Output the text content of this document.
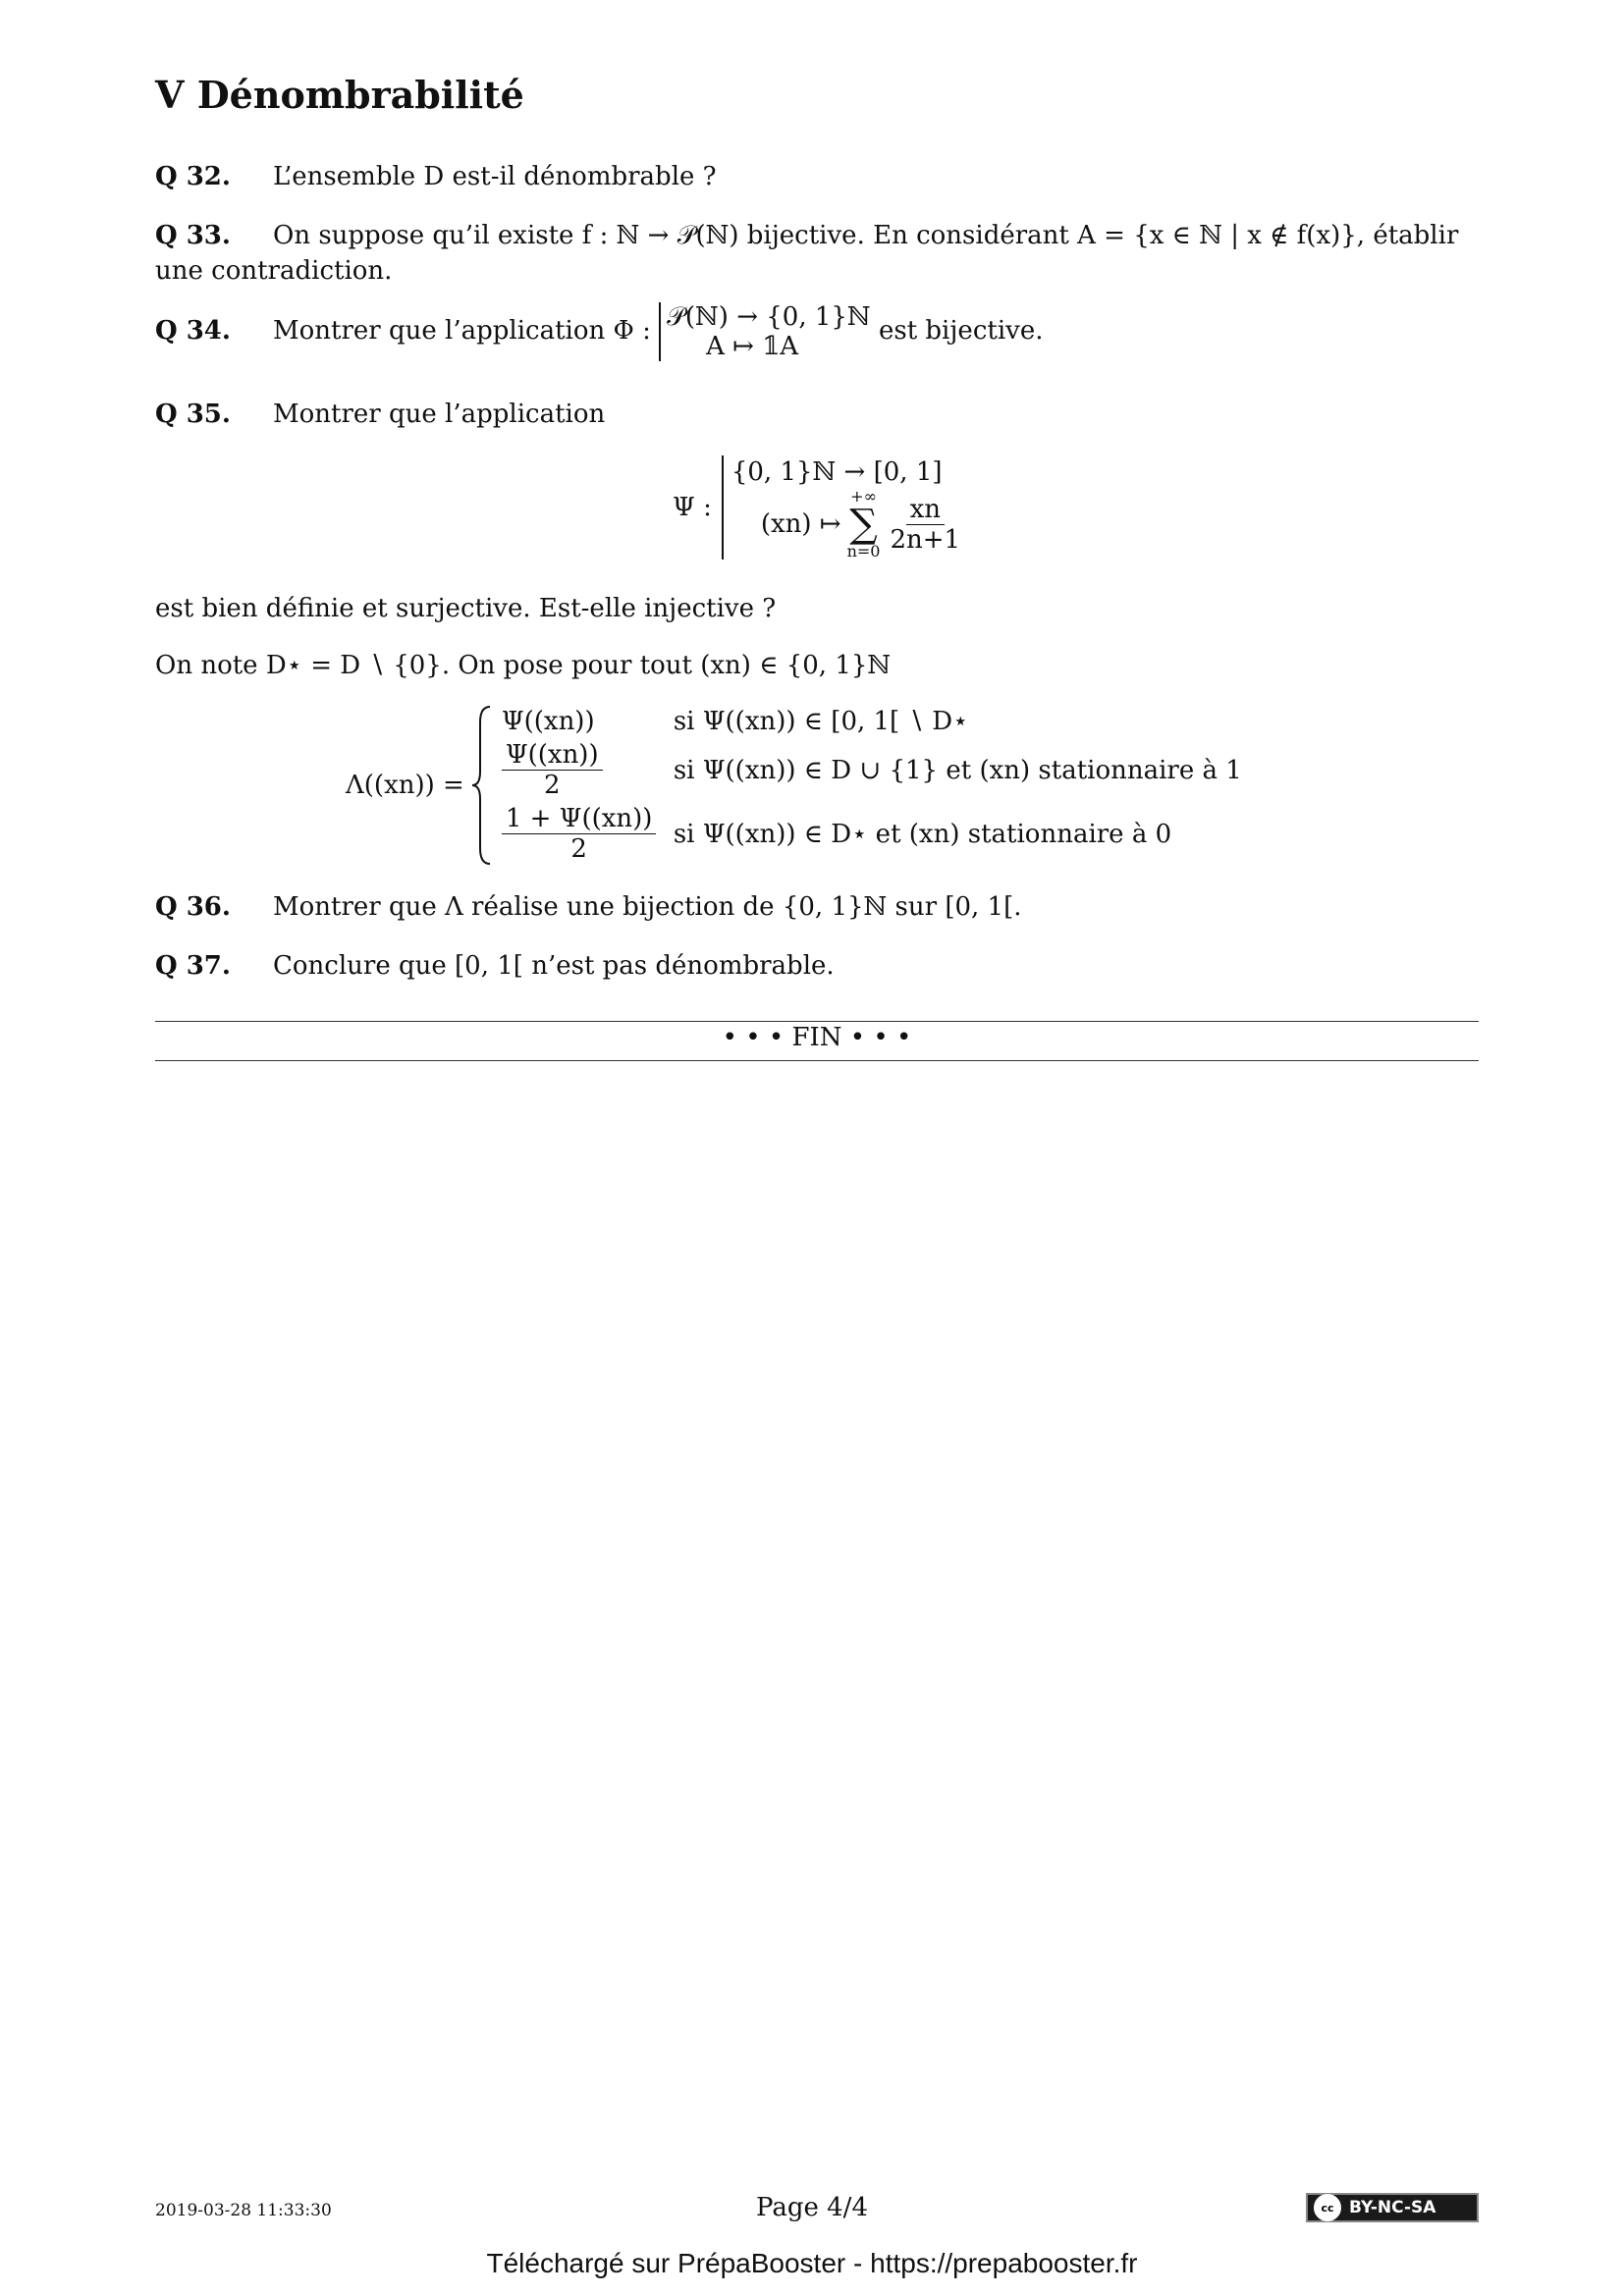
V Dénombrabilité
Q 32. L’ensemble D est-il dénombrable ?
Q 33. On suppose qu’il existe f : ℕ → 𝒫(ℕ) bijective. En considérant A = {x ∈ ℕ | x ∉ f(x)}, établir une contradiction.
Q 34. Montrer que l’application Φ : 𝒫(ℕ) → {0, 1}ℕ
A ↦ 𝟙A
est bijective.
Q 35. Montrer que l’application
Ψ :
{0, 1}ℕ → [0, 1]
(xn) ↦
+∞
∑
$n=0 \frac{xn}{2n+1}$
est bien définie et surjective. Est-elle injective ?
On note D⋆ = D ∖ {0}. On pose pour tout (xn) ∈ {0, 1}ℕ
Λ((xn)) =
Ψ((xn))	si Ψ((xn)) ∈ [0, 1[ ∖ D⋆
$\frac{\Psi((xn))}{2}$	si Ψ((xn)) ∈ D ∪ {1} et (xn) stationnaire à 1
$\frac{1 + \Psi((xn))}{2}$ si Ψ((xn)) ∈ D⋆ et (xn) stationnaire à 0
Q 36. Montrer que Λ réalise une bijection de {0, 1}ℕ sur [0, 1[.
Q 37. Conclure que [0, 1[ n’est pas dénombrable.
• • • FIN • • •
2019-03-28 11:33:30	Page 4/4	cc BY-NC-SA
Téléchargé sur PrépaBooster - https://prepabooster.fr
